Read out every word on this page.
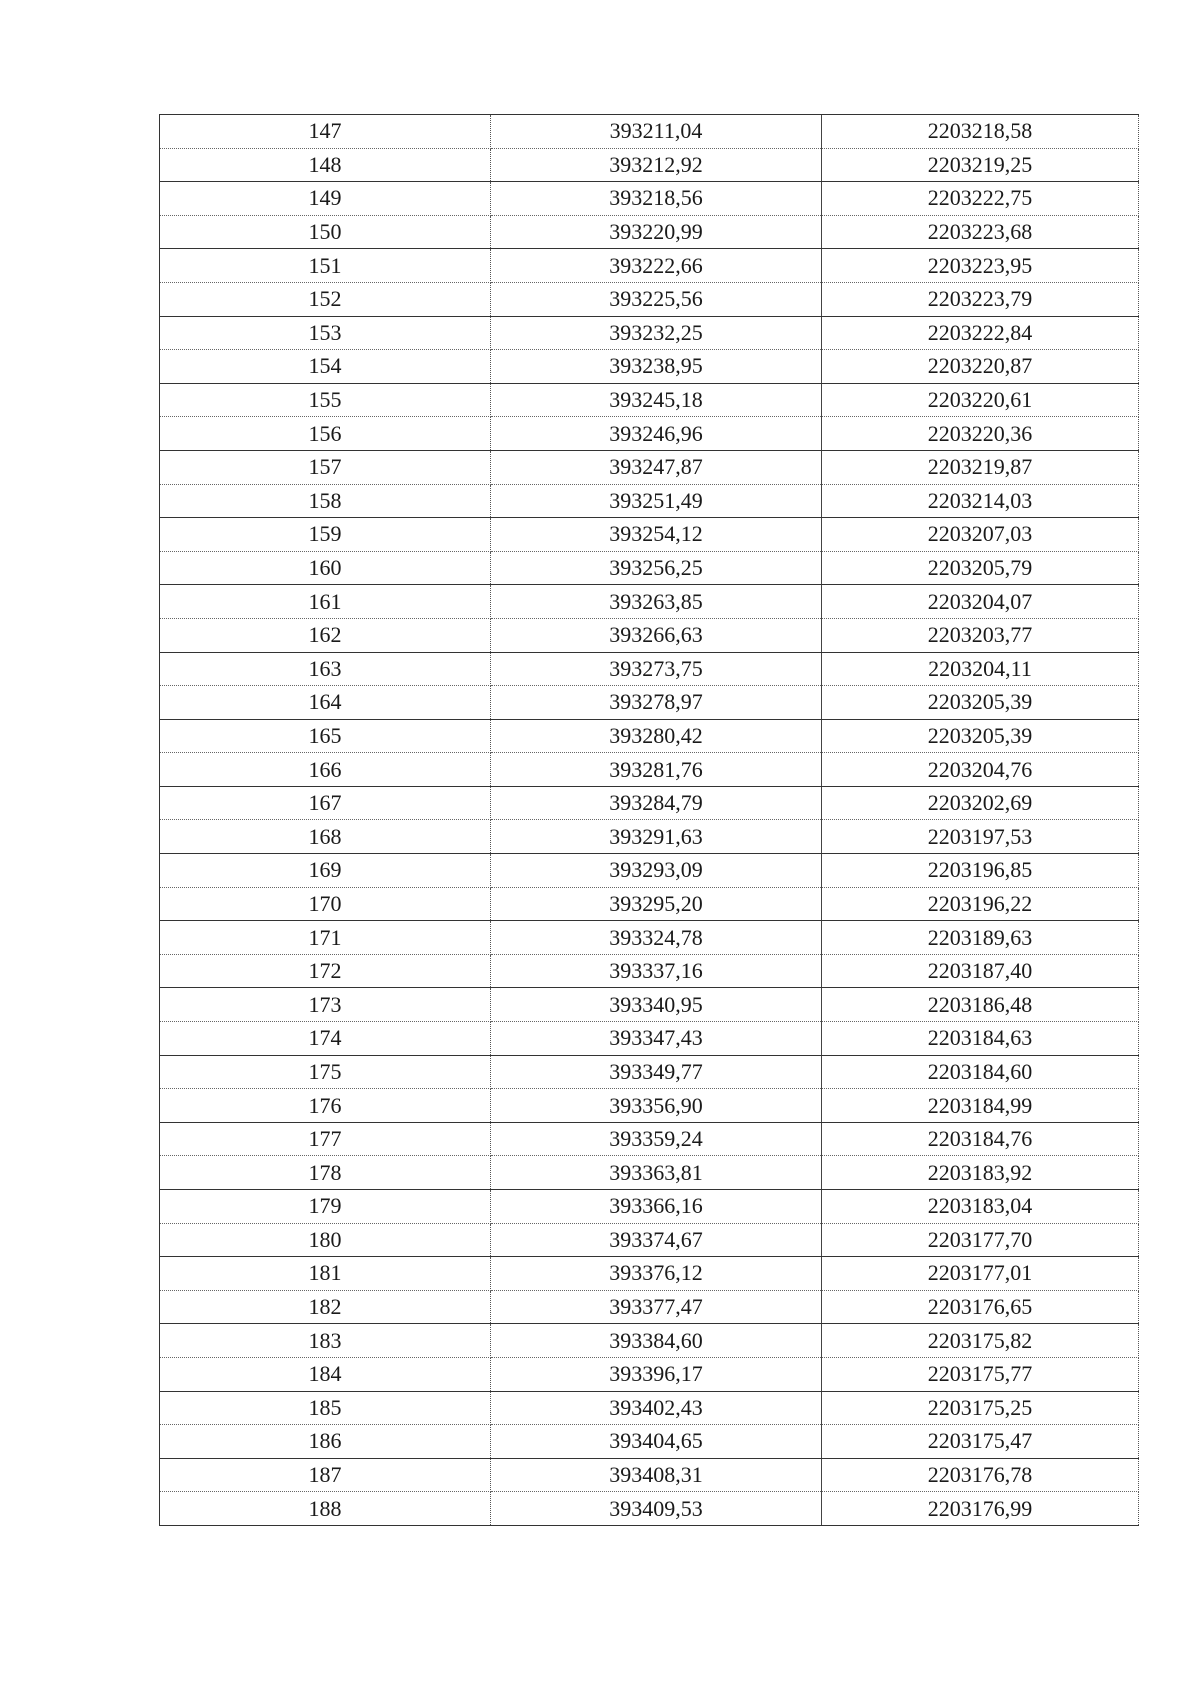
147	393211,04	2203218,58
148	393212,92	2203219,25
149	393218,56	2203222,75
150	393220,99	2203223,68
151	393222,66	2203223,95
152	393225,56	2203223,79
153	393232,25	2203222,84
154	393238,95	2203220,87
155	393245,18	2203220,61
156	393246,96	2203220,36
157	393247,87	2203219,87
158	393251,49	2203214,03
159	393254,12	2203207,03
160	393256,25	2203205,79
161	393263,85	2203204,07
162	393266,63	2203203,77
163	393273,75	2203204,11
164	393278,97	2203205,39
165	393280,42	2203205,39
166	393281,76	2203204,76
167	393284,79	2203202,69
168	393291,63	2203197,53
169	393293,09	2203196,85
170	393295,20	2203196,22
171	393324,78	2203189,63
172	393337,16	2203187,40
173	393340,95	2203186,48
174	393347,43	2203184,63
175	393349,77	2203184,60
176	393356,90	2203184,99
177	393359,24	2203184,76
178	393363,81	2203183,92
179	393366,16	2203183,04
180	393374,67	2203177,70
181	393376,12	2203177,01
182	393377,47	2203176,65
183	393384,60	2203175,82
184	393396,17	2203175,77
185	393402,43	2203175,25
186	393404,65	2203175,47
187	393408,31	2203176,78
188	393409,53	2203176,99
